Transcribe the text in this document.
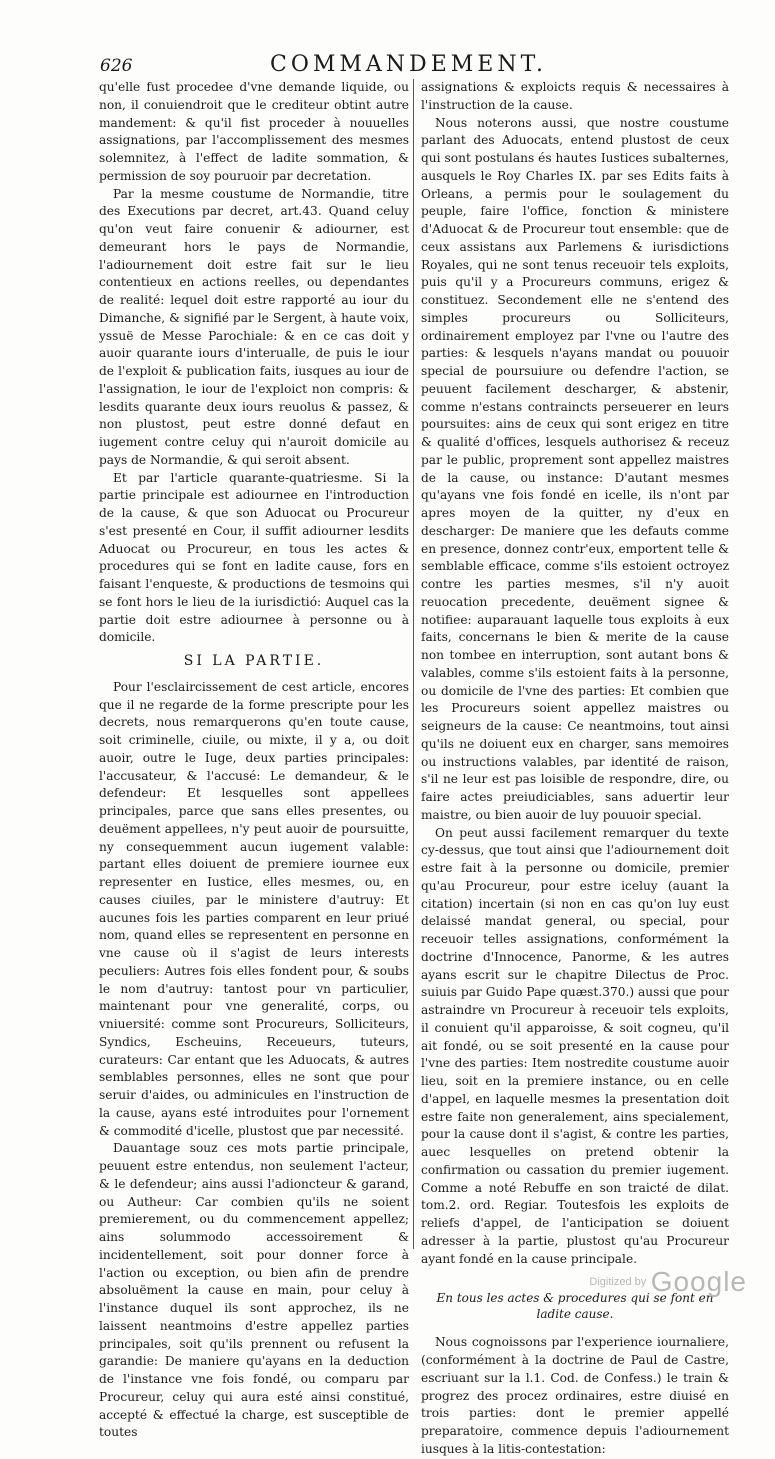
626	COMMANDEMENT.

qu'elle fust procedee d'vne demande liquide, ou non, il conuiendroit que le crediteur obtint autre mandement: & qu'il fist proceder à nouuelles assignations, par l'accomplissement des mesmes solemnitez, à l'effect de ladite sommation, & permission de soy pouruoir par decretation.

Par la mesme coustume de Normandie, titre des Executions par decret, art.43. Quand celuy qu'on veut faire conuenir & adiourner, est demeurant hors le pays de Normandie, l'adiournement doit estre fait sur le lieu contentieux en actions reelles, ou dependantes de realité: lequel doit estre rapporté au iour du Dimanche, & signifié par le Sergent, à haute voix, yssuë de Messe Parochiale: & en ce cas doit y auoir quarante iours d'interualle, de puis le iour de l'exploit & publication faits, iusques au iour de l'assignation, le iour de l'exploict non compris: & lesdits quarante deux iours reuolus & passez, & non plustost, peut estre donné defaut en iugement contre celuy qui n'auroit domicile au pays de Normandie, & qui seroit absent.

Et par l'article quarante-quatriesme. Si la partie principale est adiournee en l'introduction de la cause, & que son Aduocat ou Procureur s'est presenté en Cour, il suffit adiourner lesdits Aduocat ou Procureur, en tous les actes & procedures qui se font en ladite cause, fors en faisant l'enqueste, & productions de tesmoins qui se font hors le lieu de la iurisdictió: Auquel cas la partie doit estre adiournee à personne ou à domicile.

SI LA PARTIE.

Pour l'esclaircissement de cest article, encores que il ne regarde de la forme prescripte pour les decrets, nous remarquerons qu'en toute cause, soit criminelle, ciuile, ou mixte, il y a, ou doit auoir, outre le Iuge, deux parties principales: l'accusateur, & l'accusé: Le demandeur, & le defendeur: Et lesquelles sont appellees principales, parce que sans elles presentes, ou deuëment appellees, n'y peut auoir de poursuitte, ny consequemment aucun iugement valable: partant elles doiuent de premiere iournee eux representer en Iustice, elles mesmes, ou, en causes ciuiles, par le ministere d'autruy: Et aucunes fois les parties comparent en leur priué nom, quand elles se representent en personne en vne cause où il s'agist de leurs interests peculiers: Autres fois elles fondent pour, & soubs le nom d'autruy: tantost pour vn particulier, maintenant pour vne generalité, corps, ou vniuersité: comme sont Procureurs, Solliciteurs, Syndics, Escheuins, Receueurs, tuteurs, curateurs: Car entant que les Aduocats, & autres semblables personnes, elles ne sont que pour seruir d'aides, ou adminicules en l'instruction de la cause, ayans esté introduites pour l'ornement & commodité d'icelle, plustost que par necessité.

Dauantage souz ces mots partie principale, peuuent estre entendus, non seulement l'acteur, & le defendeur; ains aussi l'adioncteur & garand, ou Autheur: Car combien qu'ils ne soient premierement, ou du commencement appellez; ains solummodo accessoirement & incidentellement, soit pour donner force à l'action ou exception, ou bien afin de prendre absoluëment la cause en main, pour celuy à l'instance duquel ils sont approchez, ils ne laissent neantmoins d'estre appellez parties principales, soit qu'ils prennent ou refusent la garandie: De maniere qu'ayans en la deduction de l'instance vne fois fondé, ou comparu par Procureur, celuy qui aura esté ainsi constitué, accepté & effectué la charge, est susceptible de toutes

assignations & exploicts requis & necessaires à l'instruction de la cause.

Nous noterons aussi, que nostre coustume parlant des Aduocats, entend plustost de ceux qui sont postulans és hautes Iustices subalternes, ausquels le Roy Charles IX. par ses Edits faits à Orleans, a permis pour le soulagement du peuple, faire l'office, fonction & ministere d'Aduocat & de Procureur tout ensemble: que de ceux assistans aux Parlemens & iurisdictions Royales, qui ne sont tenus receuoir tels exploits, puis qu'il y a Procureurs communs, erigez & constituez. Secondement elle ne s'entend des simples procureurs ou Solliciteurs, ordinairement employez par l'vne ou l'autre des parties: & lesquels n'ayans mandat ou pouuoir special de poursuiure ou defendre l'action, se peuuent facilement descharger, & abstenir, comme n'estans contraincts perseuerer en leurs poursuites: ains de ceux qui sont erigez en titre & qualité d'offices, lesquels authorisez & receuz par le public, proprement sont appellez maistres de la cause, ou instance: D'autant mesmes qu'ayans vne fois fondé en icelle, ils n'ont par apres moyen de la quitter, ny d'eux en descharger: De maniere que les defauts comme en presence, donnez contr'eux, emportent telle & semblable efficace, comme s'ils estoient octroyez contre les parties mesmes, s'il n'y auoit reuocation precedente, deuëment signee & notifiee: auparauant laquelle tous exploits à eux faits, concernans le bien & merite de la cause non tombee en interruption, sont autant bons & valables, comme s'ils estoient faits à la personne, ou domicile de l'vne des parties: Et combien que les Procureurs soient appellez maistres ou seigneurs de la cause: Ce neantmoins, tout ainsi qu'ils ne doiuent eux en charger, sans memoires ou instructions valables, par identité de raison, s'il ne leur est pas loisible de respondre, dire, ou faire actes preiudiciables, sans aduertir leur maistre, ou bien auoir de luy pouuoir special.

On peut aussi facilement remarquer du texte cy-dessus, que tout ainsi que l'adiournement doit estre fait à la personne ou domicile, premier qu'au Procureur, pour estre iceluy (auant la citation) incertain (si non en cas qu'on luy eust delaissé mandat general, ou special, pour receuoir telles assignations, conformément la doctrine d'Innocence, Panorme, & les autres ayans escrit sur le chapitre Dilectus de Proc. suiuis par Guido Pape quæst.370.) aussi que pour astraindre vn Procureur à receuoir tels exploits, il conuient qu'il apparoisse, & soit cogneu, qu'il ait fondé, ou se soit presenté en la cause pour l'vne des parties: Item nostredite coustume auoir lieu, soit en la premiere instance, ou en celle d'appel, en laquelle mesmes la presentation doit estre faite non generalement, ains specialement, pour la cause dont il s'agist, & contre les parties, auec lesquelles on pretend obtenir la confirmation ou cassation du premier iugement. Comme a noté Rebuffe en son traicté de dilat. tom.2. ord. Regiar. Toutesfois les exploits de reliefs d'appel, de l'anticipation se doiuent adresser à la partie, plustost qu'au Procureur ayant fondé en la cause principale.

En tous les actes & procedures qui se font en ladite cause.

Nous cognoissons par l'experience iournaliere, (conformément à la doctrine de Paul de Castre, escriuant sur la l.1. Cod. de Confess.) le train & progrez des procez ordinaires, estre diuisé en trois parties: dont le premier appellé preparatoire, commence depuis l'adiournement iusques à la litis-contestation:

Digitized by Google
